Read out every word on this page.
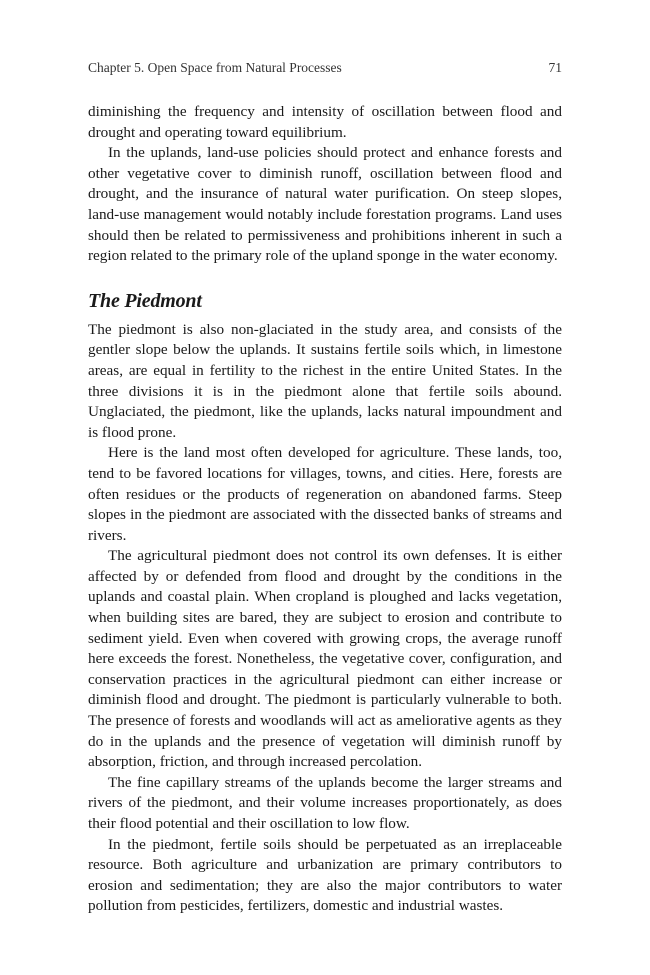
Chapter 5. Open Space from Natural Processes	71

diminishing the frequency and intensity of oscillation between flood and drought and operating toward equilibrium.

In the uplands, land-use policies should protect and enhance forests and other vegetative cover to diminish runoff, oscillation between flood and drought, and the insurance of natural water purification. On steep slopes, land-use management would notably include forestation programs. Land uses should then be related to permissiveness and prohibitions inherent in such a region related to the primary role of the upland sponge in the water economy.

The Piedmont

The piedmont is also non-glaciated in the study area, and consists of the gentler slope below the uplands. It sustains fertile soils which, in limestone areas, are equal in fertility to the richest in the entire United States. In the three divisions it is in the piedmont alone that fertile soils abound. Unglaciated, the piedmont, like the uplands, lacks natural impoundment and is flood prone.

Here is the land most often developed for agriculture. These lands, too, tend to be favored locations for villages, towns, and cities. Here, forests are often residues or the products of regeneration on abandoned farms. Steep slopes in the piedmont are associated with the dissected banks of streams and rivers.

The agricultural piedmont does not control its own defenses. It is either affected by or defended from flood and drought by the conditions in the uplands and coastal plain. When cropland is ploughed and lacks vegetation, when building sites are bared, they are subject to erosion and contribute to sediment yield. Even when covered with growing crops, the average runoff here exceeds the forest. Nonetheless, the vegetative cover, configuration, and conservation practices in the agricultural piedmont can either increase or diminish flood and drought. The piedmont is particularly vulnerable to both. The presence of forests and woodlands will act as ameliorative agents as they do in the uplands and the presence of vegetation will diminish runoff by absorption, friction, and through increased percolation.

The fine capillary streams of the uplands become the larger streams and rivers of the piedmont, and their volume increases proportionately, as does their flood potential and their oscillation to low flow.

In the piedmont, fertile soils should be perpetuated as an irreplaceable resource. Both agriculture and urbanization are primary contributors to erosion and sedimentation; they are also the major contributors to water pollution from pesticides, fertilizers, domestic and industrial wastes.
